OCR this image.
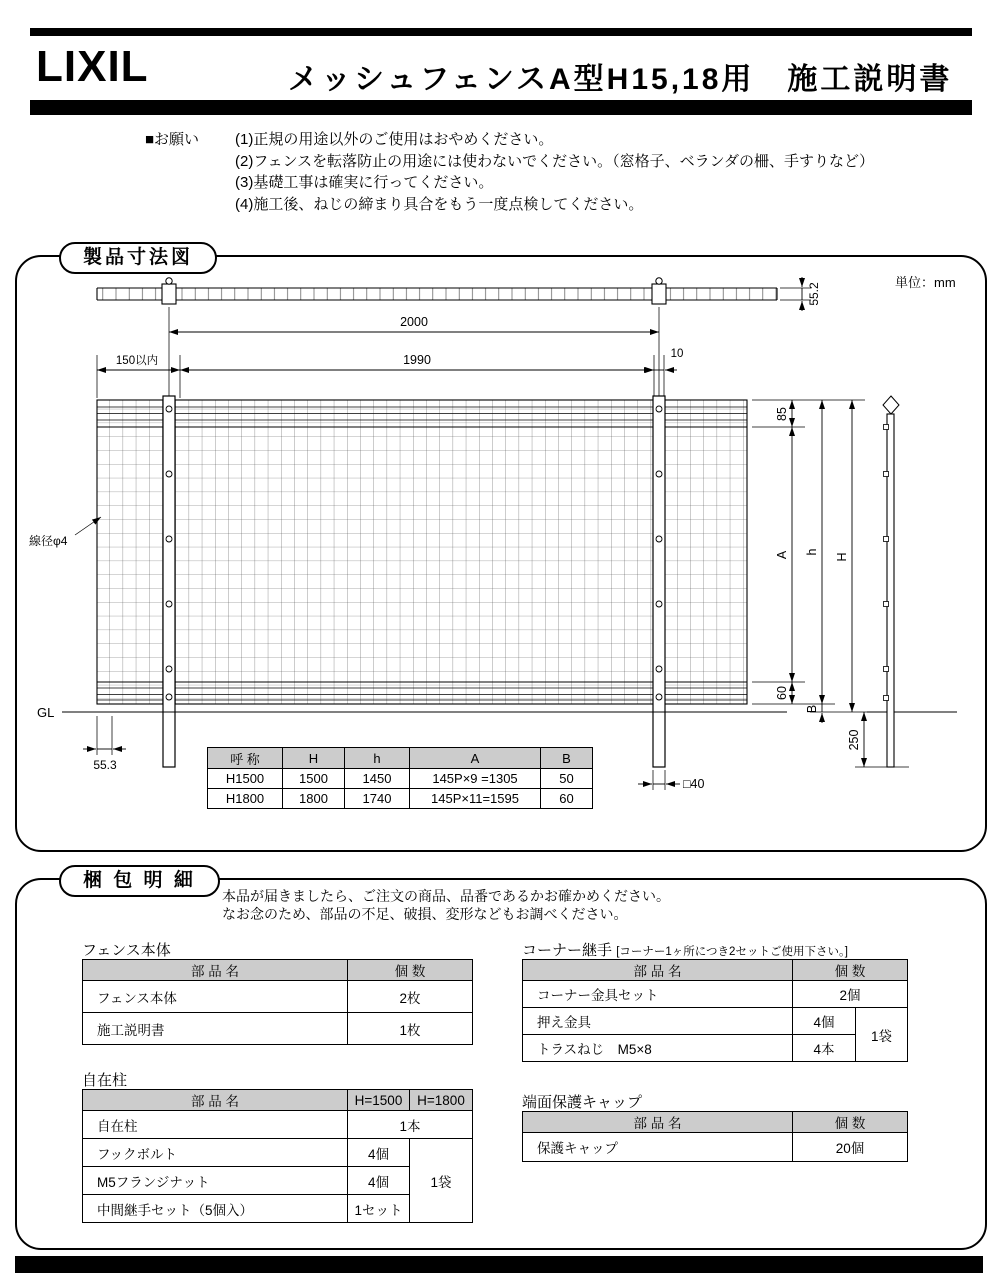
LIXIL	メッシュフェンスA型H15,18用　施工説明書
■お願い	(1)正規の用途以外のご使用はおやめください。
(2)フェンスを転落防止の用途には使わないでください。（窓格子、ベランダの柵、手すりなど）
(3)基礎工事は確実に行ってください。
(4)施工後、ねじの締まり具合をもう一度点検してください。
製品寸法図
単位：mm
2000
150以内	1990	10
55.2
85
A
60
h
B
H
250
55.3
□40
線径φ4
GL
呼 称	H	h	A	B
H1500	1500	1450	145P×9 =1305	50
H1800	1800	1740	145P×11=1595	60
梱 包 明 細
本品が届きましたら、ご注文の商品、品番であるかお確かめください。
なお念のため、部品の不足、破損、変形などもお調べください。
フェンス本体
部 品 名	個 数
フェンス本体	2枚
施工説明書	1枚
自在柱
部 品 名	H=1500	H=1800
自在柱	1本	
フックボルト	4個	1袋
M5フランジナット	4個	
中間継手セット（5個入）	1セット	
コーナー継手 [コーナー1ヶ所につき2セットご使用下さい。]
部 品 名	個 数	
コーナー金具セット	2個	
押え金具	4個	1袋
トラスねじ　M5×8	4本	
端面保護キャップ
部 品 名	個 数
保護キャップ	20個
